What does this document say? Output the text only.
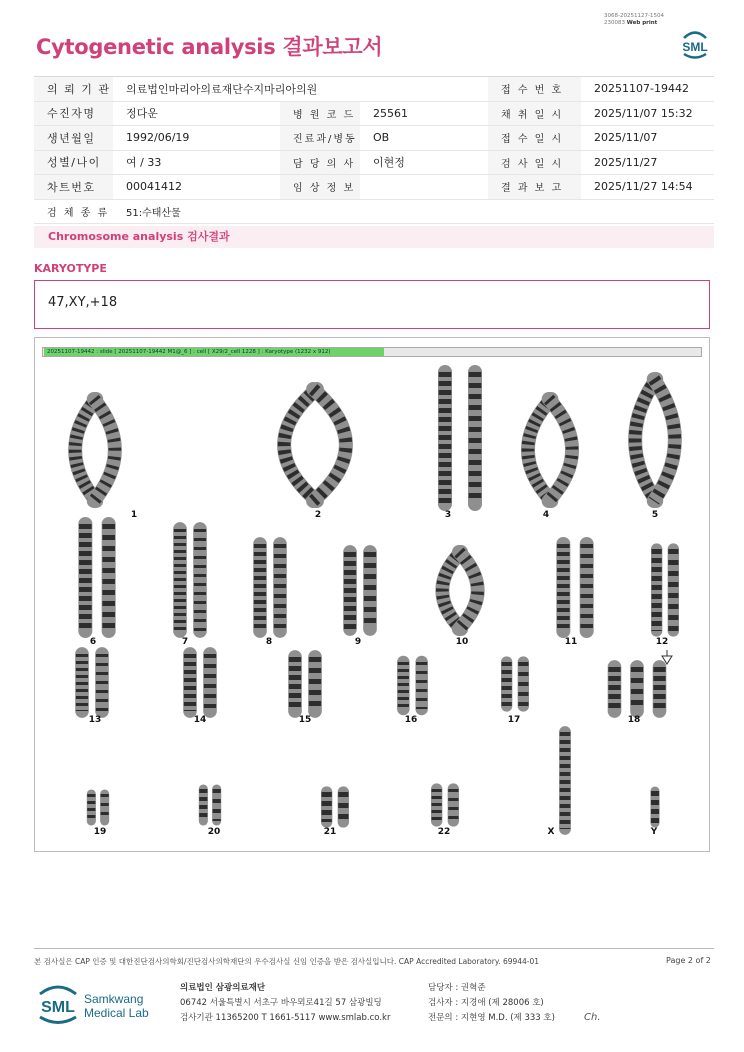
3068-20251127-1504
230083 Web print
Cytogenetic analysis 결과보고서	SML
의 뢰 기 관	의료법인마리아의료재단수지마리아의원			접 수 번 호	20251107-19442
수진자명	정다운	병 원 코 드	25561	채 취 일 시	2025/11/07 15:32
생년월일	1992/06/19	진료과/병동	OB	접 수 일 시	2025/11/07
성별/나이	여 / 33	담 당 의 사	이현정	검 사 일 시	2025/11/27
차트번호	00041412	임 상 정 보		결 과 보 고	2025/11/27 14:54
검 체 종 류	51:수태산물				
Chromosome analysis 검사결과
KARYOTYPE
47,XY,+18
20251107-19442 : slide [ 20251107-19442 M1@_6 ] : cell [ X29/2_cell 1228 ] : Karyotype (1232 x 912)
1	2	3	4	5
6	7	8	9	10	11	12
13	14	15	16	17	18
19	20	21	22	X	Y
본 검사실은 CAP 인증 및 대한진단검사의학회/진단검사의학재단의 우수검사실 신임 인증을 받은 검사실입니다. CAP Accredited Laboratory. 69944-01	Page 2 of 2
SML Samkwang
Medical Lab
의료법인 삼광의료재단
06742 서울특별시 서초구 바우뫼로41길 57 삼광빌딩
검사기관 11365200 T 1661-5117 www.smlab.co.kr
담당자 : 권혁준
검사자 : 지경애 (제 28006 호)
전문의 : 지현영 M.D. (제 333 호)	Ch.
